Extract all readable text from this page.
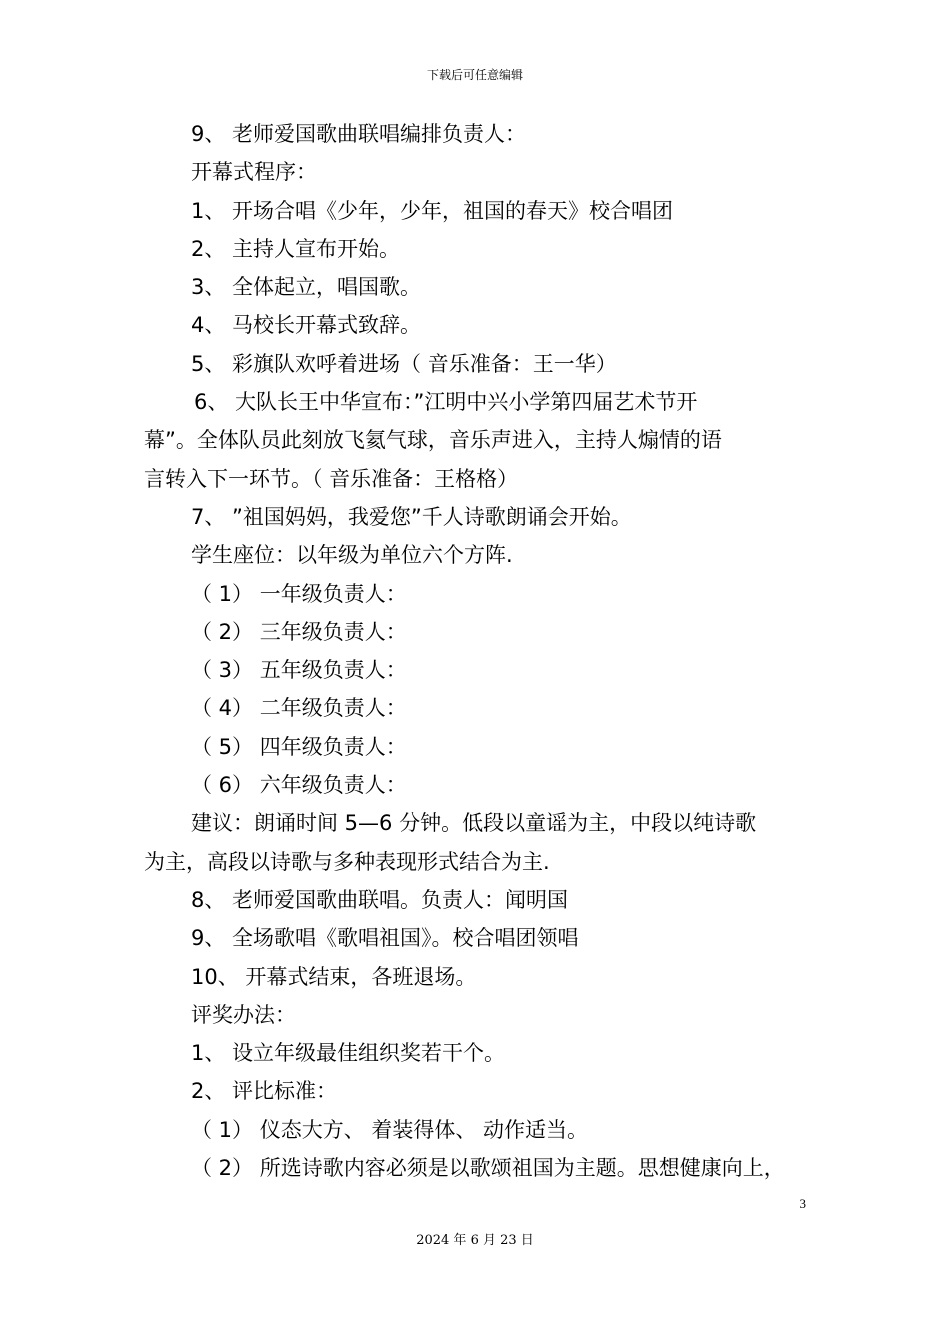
下载后可任意编辑
9、 老师爱国歌曲联唱编排负责人：
开幕式程序：
1、 开场合唱《少年，少年，祖国的春天》校合唱团
2、 主持人宣布开始。
3、 全体起立，唱国歌。
4、 马校长开幕式致辞。
5、 彩旗队欢呼着进场（ 音乐准备：王一华）
6、 大队长王中华宣布：”江明中兴小学第四届艺术节开
幕”。全体队员此刻放飞氦气球，音乐声进入，主持人煽情的语
言转入下一环节。（ 音乐准备：王格格）
7、 ”祖国妈妈，我爱您”千人诗歌朗诵会开始。
学生座位：以年级为单位六个方阵.
（ 1） 一年级负责人：
（ 2） 三年级负责人：
（ 3） 五年级负责人：
（ 4） 二年级负责人：
（ 5） 四年级负责人：
（ 6） 六年级负责人：
建议：朗诵时间 5—6 分钟。低段以童谣为主，中段以纯诗歌
为主，高段以诗歌与多种表现形式结合为主.
8、 老师爱国歌曲联唱。负责人：闻明国
9、 全场歌唱《歌唱祖国》。校合唱团领唱
10、 开幕式结束，各班退场。
评奖办法：
1、 设立年级最佳组织奖若干个。
2、 评比标准：
（ 1） 仪态大方、 着装得体、 动作适当。
（ 2） 所选诗歌内容必须是以歌颂祖国为主题。思想健康向上，
3
2024 年 6 月 23 日
